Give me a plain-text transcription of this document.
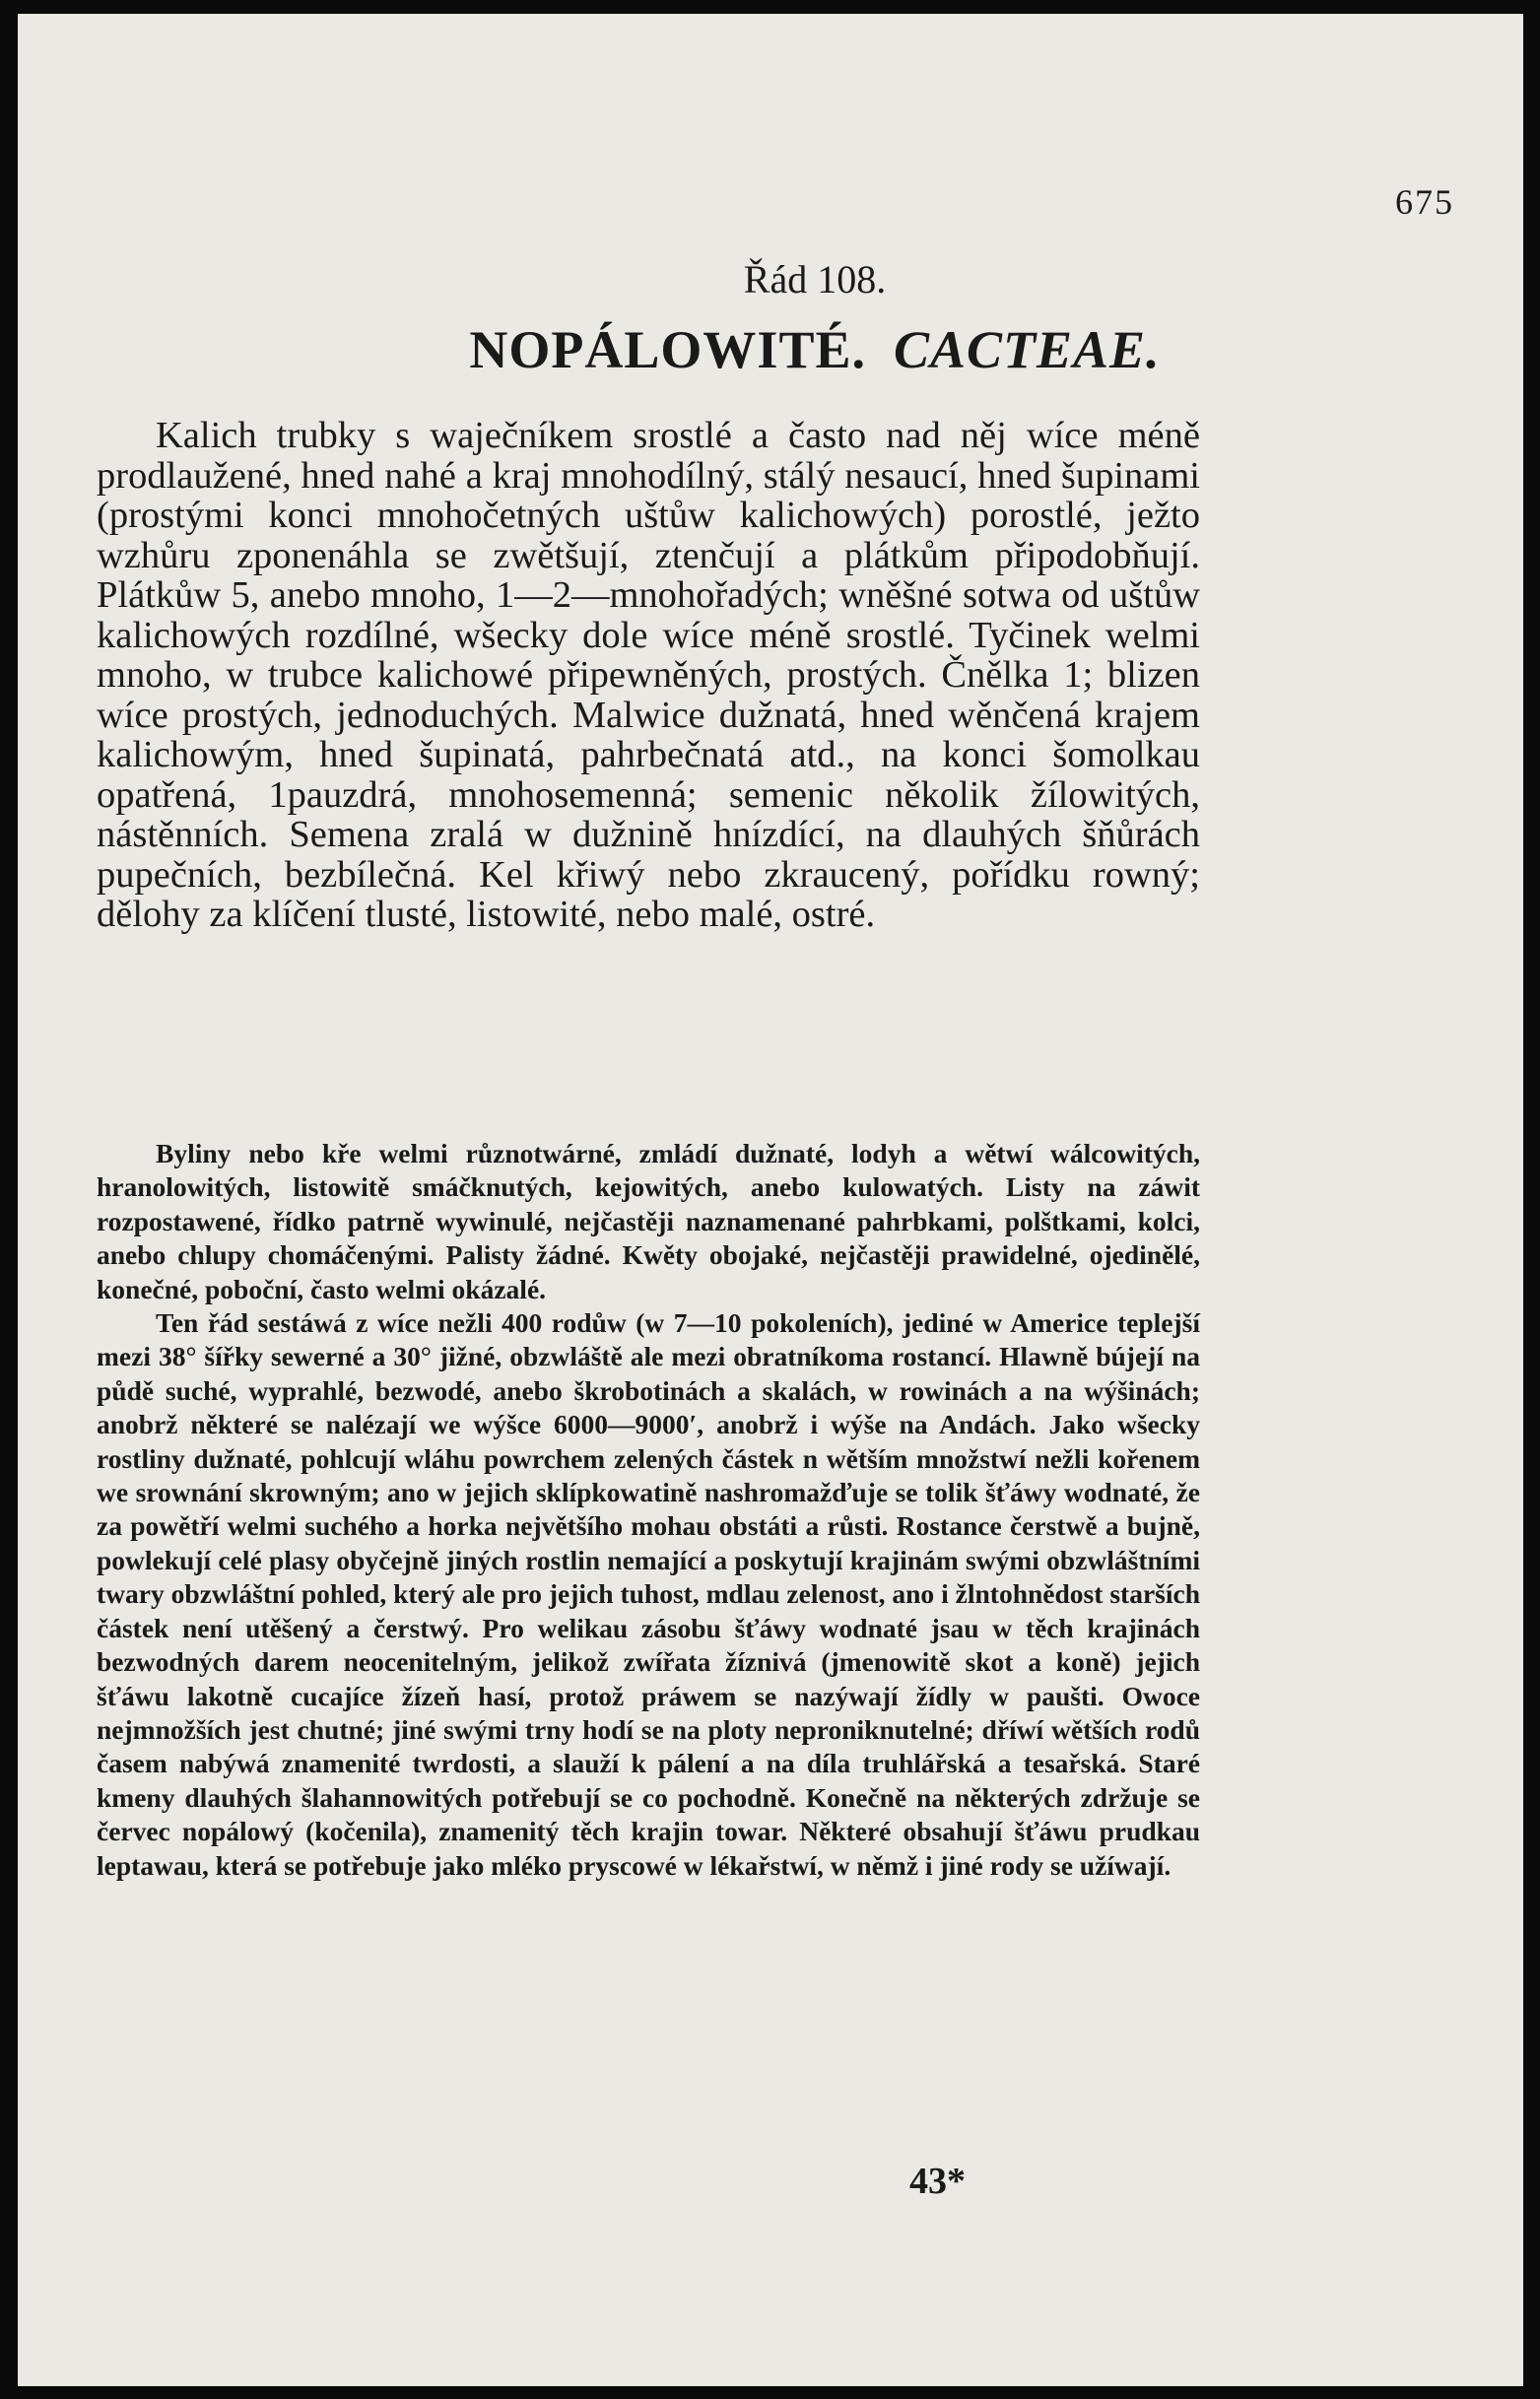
675
Řád 108.
NOPÁLOWITÉ. CACTEAE.

Kalich trubky s waječníkem srostlé a často nad něj wíce méně prodlaužené, hned nahé a kraj mnohodílný, stálý nesaucí, hned šupinami (prostými konci mnohočetných uštůw kalichowých) porostlé, ježto wzhůru zponenáhla se zwětšují, ztenčují a plátkům připodobňují. Plátkůw 5, anebo mnoho, 1—2—mnohořadých; wněšné sotwa od uštůw kalichowých rozdílné, wšecky dole wíce méně srostlé. Tyčinek welmi mnoho, w trubce kalichowé připewněných, prostých. Čnělka 1; blizen wíce prostých, jednoduchých. Malwice dužnatá, hned wěnčená krajem kalichowým, hned šupinatá, pahrbečnatá atd., na konci šomolkau opatřená, 1pauzdrá, mnohosemenná; semenic několik žílowitých, nástěnních. Semena zralá w dužnině hnízdící, na dlauhých šňůrách pupečních, bezbílečná. Kel křiwý nebo zkraucený, pořídku rowný; dělohy za klíčení tlusté, listowité, nebo malé, ostré.

Byliny nebo kře welmi různotwárné, zmládí dužnaté, lodyh a wětwí wálcowitých, hranolowitých, listowitě smáčknutých, kejowitých, anebo kulowatých. Listy na záwit rozpostawené, řídko patrně wywinulé, nejčastěji naznamenané pahrbkami, polštkami, kolci, anebo chlupy chomáčenými. Palisty žádné. Kwěty obojaké, nejčastěji prawidelné, ojedinělé, konečné, poboční, často welmi okázalé.

Ten řád sestáwá z wíce nežli 400 rodůw (w 7—10 pokoleních), jediné w Americe teplejší mezi 38° šířky sewerné a 30° jižné, obzwláště ale mezi obratníkoma rostancí. Hlawně bújejí na půdě suché, wyprahlé, bezwodé, anebo škrobotinách a skalách, w rowinách a na wýšinách; anobrž některé se nalézají we wýšce 6000—9000′, anobrž i wýše na Andách. Jako wšecky rostliny dužnaté, pohlcují wláhu powrchem zelených částek n wětším množstwí nežli kořenem we srownání skrowným; ano w jejich sklípkowatině nashromažďuje se tolik šťáwy wodnaté, že za powětří welmi suchého a horka největšího mohau obstáti a růsti. Rostance čerstwě a bujně, powlekují celé plasy obyčejně jiných rostlin nemající a poskytují krajinám swými obzwláštními twary obzwláštní pohled, který ale pro jejich tuhost, mdlau zelenost, ano i žlntohnědost starších částek není utěšený a čerstwý. Pro welikau zásobu šťáwy wodnaté jsau w těch krajinách bezwodných darem neocenitelným, jelikož zwířata žíznivá (jmenowitě skot a koně) jejich šťáwu lakotně cucajíce žízeň hasí, protož práwem se nazýwají žídly w paušti. Owoce nejmnožších jest chutné; jiné swými trny hodí se na ploty neproniknutelné; dříwí wětších rodů časem nabýwá znamenité twrdosti, a slauží k pálení a na díla truhlářská a tesařská. Staré kmeny dlauhých šlahannowitých potřebují se co pochodně. Konečně na některých zdržuje se červec nopálowý (kočenila), znamenitý těch krajin towar. Některé obsahují šťáwu prudkau leptawau, která se potřebuje jako mléko pryscowé w lékařstwí, w němž i jiné rody se užíwají.

43*
